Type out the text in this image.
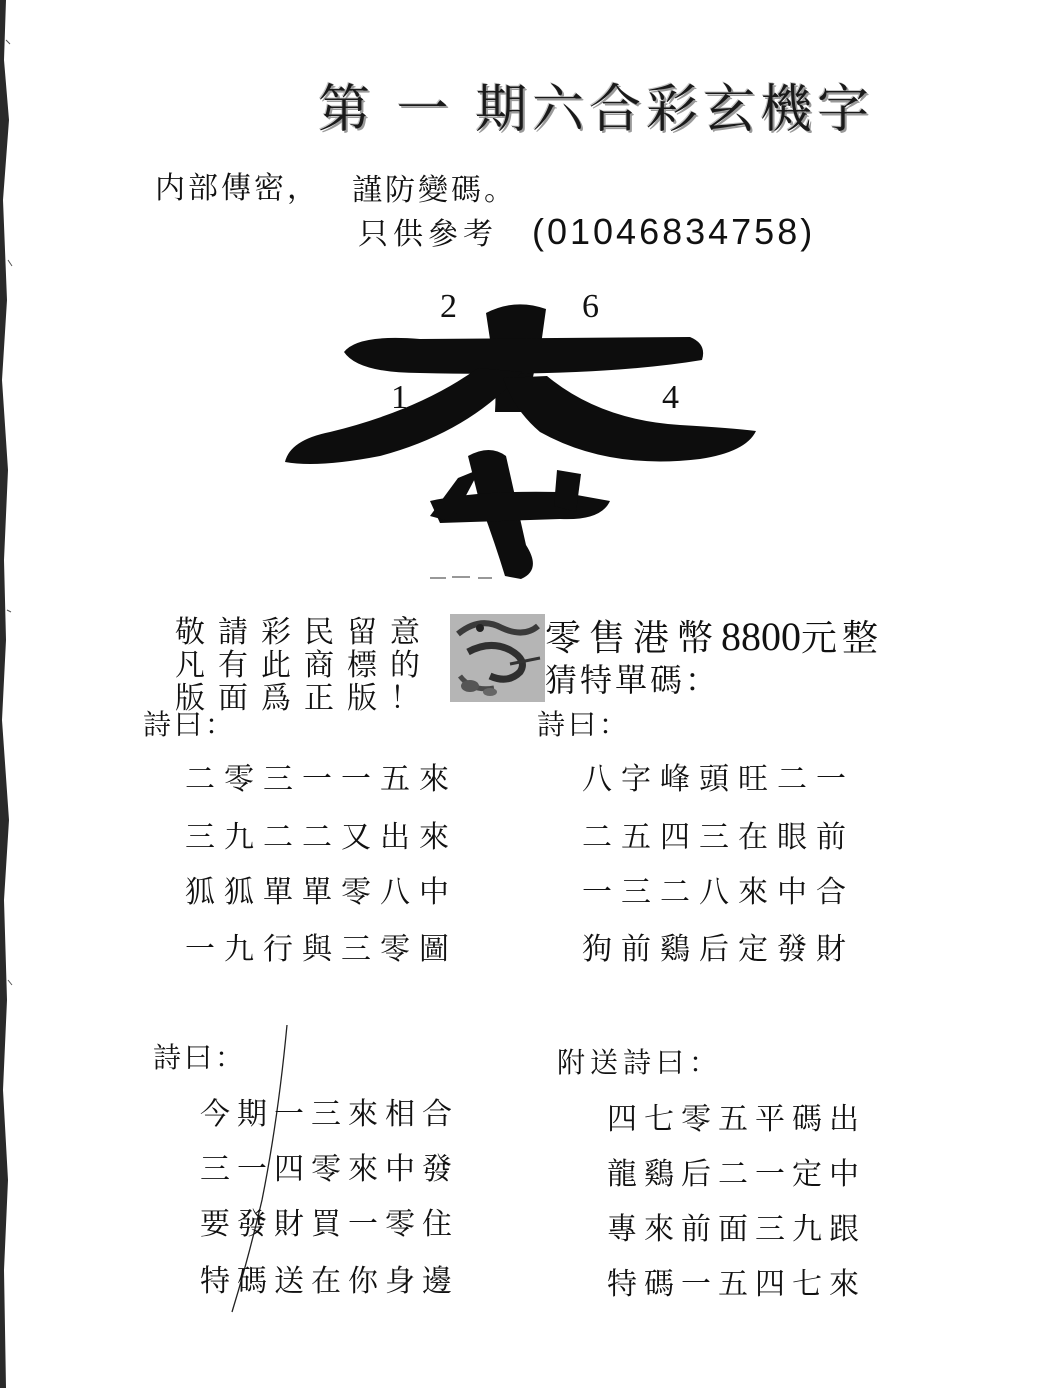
第 一 期六合彩玄機字
内部傳密， 謹防變碼。
只供參考 (01046834758)
2	6
1	4
敬請彩民留意
凡有此商標的
版面爲正版！
零售港幣8800元整
猜特單碼：
詩曰：
二零三一一五來
三九二二又出來
狐狐單單零八中
一九行與三零圖
詩曰：
八字峰頭旺二一
二五四三在眼前
一三二八來中合
狗前鷄后定發財
詩曰：
今期一三來相合
三一四零來中發
要發財買一零住
特碼送在你身邊
附送詩曰：
四七零五平碼出
龍鷄后二一定中
專來前面三九跟
特碼一五四七來
